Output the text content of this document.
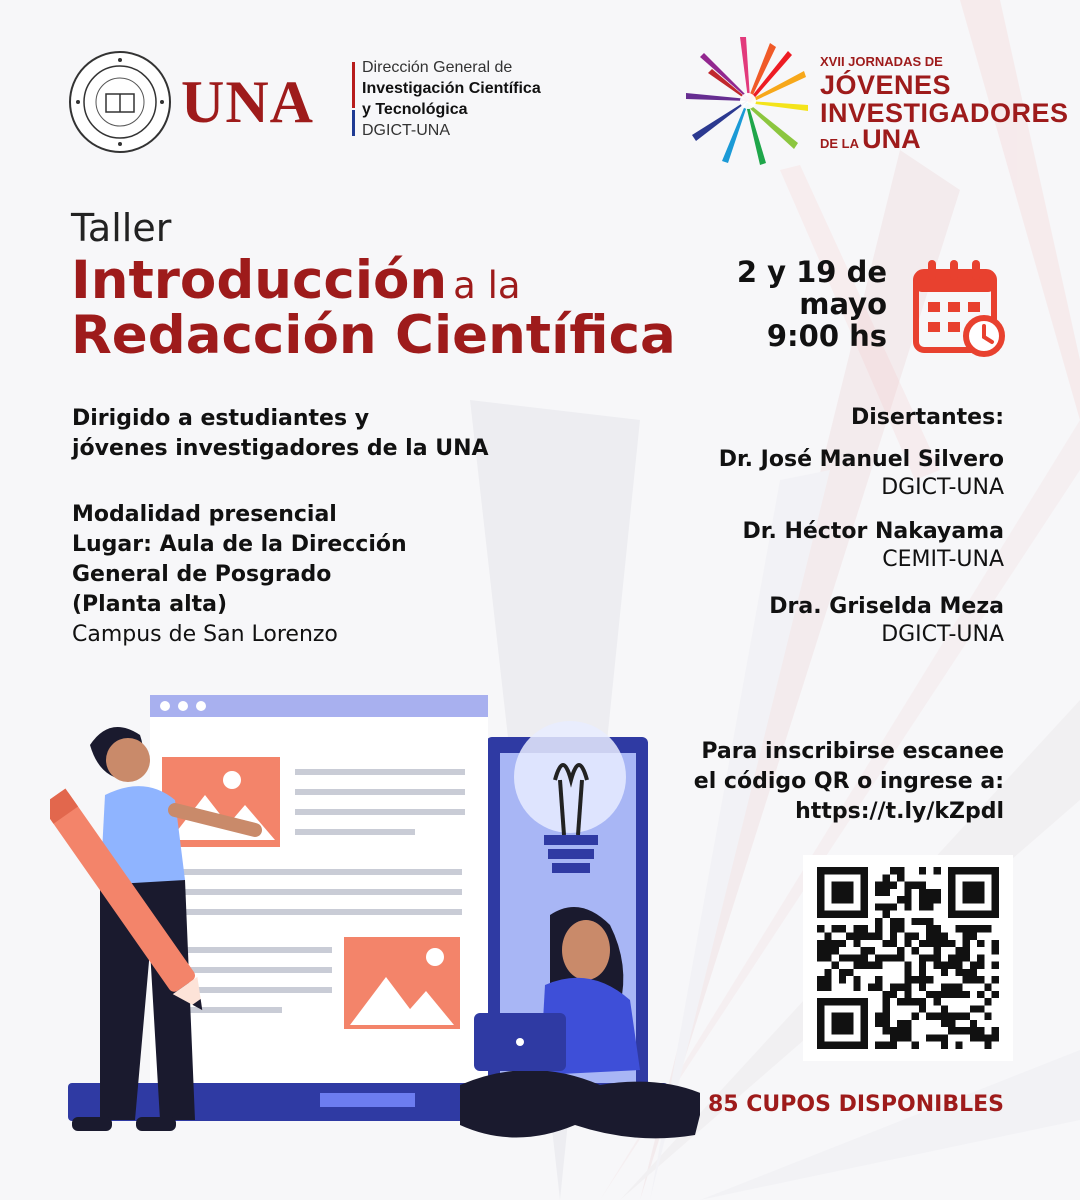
UNA
Dirección General de
Investigación Científica
y Tecnológica
DGICT-UNA
XVII JORNADAS DE
JÓVENES
INVESTIGADORES
DE LA UNA
Taller
Introducción a la
Redacción Científica
2 y 19 de
mayo
9:00 hs
Dirigido a estudiantes y
jóvenes investigadores de la UNA
Modalidad presencial
Lugar: Aula de la Dirección
General de Posgrado
(Planta alta)
Campus de San Lorenzo
Disertantes:
Dr. José Manuel Silvero
DGICT-UNA
Dr. Héctor Nakayama
CEMIT-UNA
Dra. Griselda Meza
DGICT-UNA
Para inscribirse escanee
el código QR o ingrese a:
https://t.ly/kZpdl
85 CUPOS DISPONIBLES
